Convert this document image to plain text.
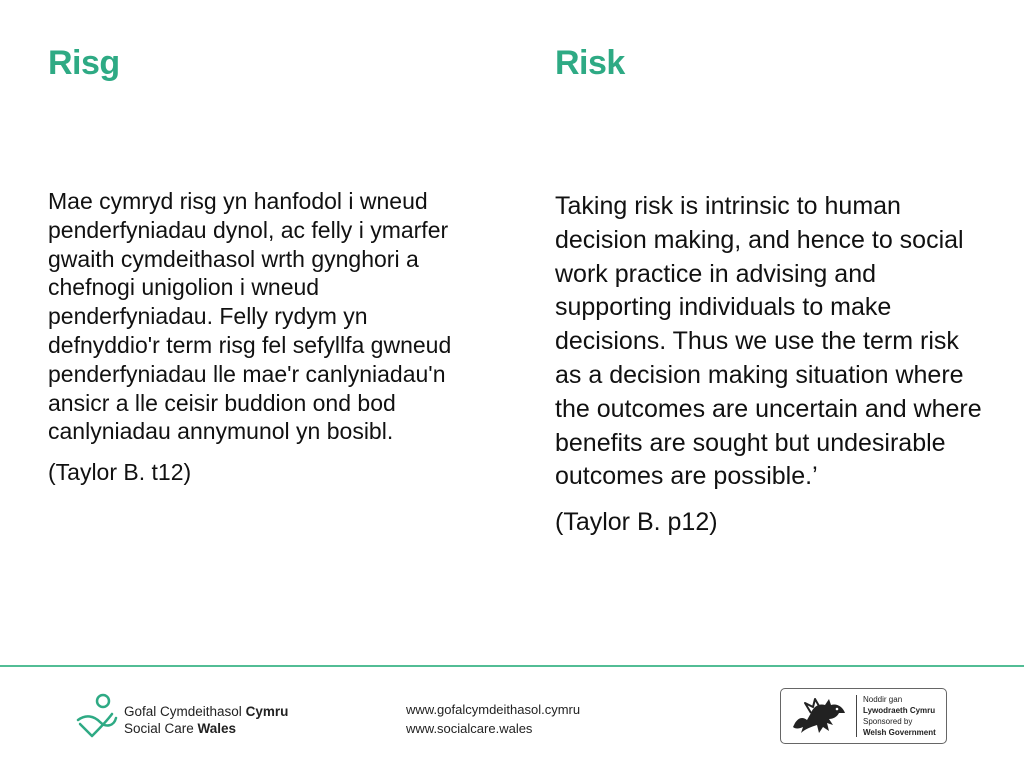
Risg	Risk

Mae cymryd risg yn hanfodol i wneud penderfyniadau dynol, ac felly i ymarfer gwaith cymdeithasol wrth gynghori a chefnogi unigolion i wneud penderfyniadau. Felly rydym yn defnyddio'r term risg fel sefyllfa gwneud penderfyniadau lle mae'r canlyniadau'n ansicr a lle ceisir buddion ond bod canlyniadau annymunol yn bosibl.

(Taylor B. t12)

Taking risk is intrinsic to human decision making, and hence to social work practice in advising and supporting individuals to make decisions. Thus we use the term risk as a decision making situation where the outcomes are uncertain and where benefits are sought but undesirable outcomes are possible.’

(Taylor B. p12)

Gofal Cymdeithasol Cymru
Social Care Wales
www.gofalcymdeithasol.cymru
www.socialcare.wales
Noddir gan
Lywodraeth Cymru
Sponsored by
Welsh Government
